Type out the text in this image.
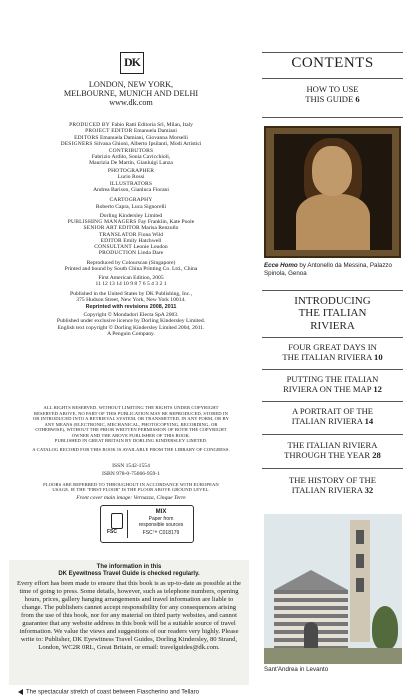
DK
LONDON, NEW YORK,
MELBOURNE, MUNICH AND DELHI
www.dk.com
PRODUCED BY Fabio Ratti Editoria Srl, Milan, Italy
PROJECT EDITOR Emanuela Damiani
EDITORS Emanuela Damiani, Giovanna Morselli
DESIGNERS Silvana Ghioni, Alberto Ipsilanti, Modi Artistici
CONTRIBUTORS
Fabrizio Ardito, Sonia Cavicchioli,
Maurizia De Martin, Gianluigi Lanza
PHOTOGRAPHER
Lucio Rossi
ILLUSTRATORS
Andrea Barison, Gianluca Fiorani
CARTOGRAPHY
Roberto Capra, Luca Signorelli
Dorling Kindersley Limited
PUBLISHING MANAGERS Fay Franklin, Kate Poole
SENIOR ART EDITOR Marisa Renzullo
TRANSLATOR Fiona Wild
EDITOR Emily Hatchwell
CONSULTANT Leonie Loudon
PRODUCTION Linda Dare
Reproduced by Colourscan (Singapore)
Printed and bound by South China Printing Co. Ltd., China
First American Edition, 2005
11 12 13 14 10 9 8 7 6 5 4 3 2 1
Published in the United States by DK Publishing, Inc.,
375 Hudson Street, New York, New York 10014.
Reprinted with revisions 2008, 2011
Copyright © Mondadori Electa SpA 2003.
Published under exclusive licence by Dorling Kindersley Limited.
English text copyright © Dorling Kindersley Limited 2004, 2011.
A Penguin Company.
ALL RIGHTS RESERVED. WITHOUT LIMITING THE RIGHTS UNDER COPYRIGHT
RESERVED ABOVE, NO PART OF THIS PUBLICATION MAY BE REPRODUCED, STORED IN
OR INTRODUCED INTO A RETRIEVAL SYSTEM, OR TRANSMITTED, IN ANY FORM, OR BY
ANY MEANS (ELECTRONIC, MECHANICAL, PHOTOCOPYING, RECORDING, OR
OTHERWISE), WITHOUT THE PRIOR WRITTEN PERMISSION OF BOTH THE COPYRIGHT
OWNER AND THE ABOVE PUBLISHER OF THIS BOOK.
PUBLISHED IN GREAT BRITAIN BY DORLING KINDERSLEY LIMITED.
A CATALOG RECORD FOR THIS BOOK IS AVAILABLE FROM THE LIBRARY OF CONGRESS.
ISSN 1542-1554
ISBN 978-0-75666-959-1
FLOORS ARE REFERRED TO THROUGHOUT IN ACCORDANCE WITH EUROPEAN
USAGE, IE THE "FIRST FLOOR" IS THE FLOOR ABOVE GROUND LEVEL.
Front cover main image: Vernazza, Cinque Terre
FSC
MIX
Paper from
responsible sources
FSC™ C018179
The information in this
DK Eyewitness Travel Guide is checked regularly.
Every effort has been made to ensure that this book is as up-to-date as possible at the time of going to press. Some details, however, such as telephone numbers, opening hours, prices, gallery hanging arrangements and travel information are liable to change. The publishers cannot accept responsibility for any consequences arising from the use of this book, nor for any material on third party websites, and cannot guarantee that any website address in this book will be a suitable source of travel information. We value the views and suggestions of our readers very highly. Please write to: Publisher, DK Eyewitness Travel Guides, Dorling Kindersley, 80 Strand, London, WC2R 0RL, Great Britain, or email: travelguides@dk.com.
The spectacular stretch of coast between Fiascherino and Tellaro
CONTENTS
HOW TO USE
THIS GUIDE 6
Ecce Homo by Antonello da Messina, Palazzo Spinola, Genoa
INTRODUCING
THE ITALIAN
RIVIERA
FOUR GREAT DAYS IN
THE ITALIAN RIVIERA 10
PUTTING THE ITALIAN
RIVIERA ON THE MAP 12
A PORTRAIT OF THE
ITALIAN RIVIERA 14
THE ITALIAN RIVIERA
THROUGH THE YEAR 28
THE HISTORY OF THE
ITALIAN RIVIERA 32
Sant'Andrea in Levanto
